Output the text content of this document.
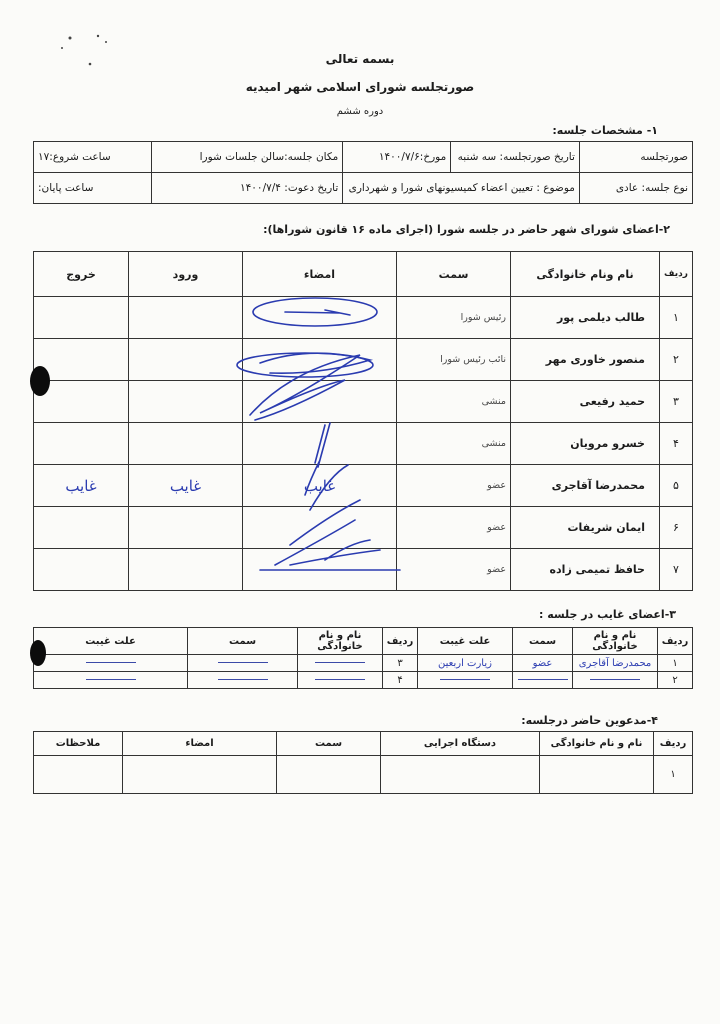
بسمه تعالی
صورتجلسه شورای اسلامی شهر امیدیه
دوره ششم
۱- مشخصات جلسه:
صورتجلسه	تاریخ صورتجلسه: سه شنبه	مورخ:۱۴۰۰/۷/۶	مکان جلسه:سالن جلسات شورا	ساعت شروع:۱۷
نوع جلسه: عادی	موضوع : تعیین اعضاء کمیسیونهای شورا و شهرداری		تاریخ دعوت: ۱۴۰۰/۷/۴	ساعت پایان:
۲-اعضای شورای شهر حاضر در جلسه شورا (اجرای ماده ۱۶ قانون شوراها):
ردیف	نام ونام خانوادگی	سمت	امضاء	ورود	خروج
۱	طالب دیلمی پور	رئیس شورا			
۲	منصور خاوری مهر	نائب رئیس شورا			
۳	حمید رفیعی	منشی			
۴	خسرو مرویان	منشی			
۵	محمدرضا آقاجری	عضو	غایب	غایب	غایب
۶	ایمان شریفات	عضو			
۷	حافظ تمیمی زاده	عضو			
۳-اعضای غایب در جلسه :
ردیف	نام و نام خانوادگی	سمت	علت غیبت	ردیف	نام و نام خانوادگی	سمت	علت غیبت
۱	محمدرضا آقاجری	عضو	زیارت اربعین	۳			
۲				۴			
۴-مدعوین حاضر درجلسه:
ردیف	نام و نام خانوادگی	دستگاه اجرایی	سمت	امضاء	ملاحظات
۱					
